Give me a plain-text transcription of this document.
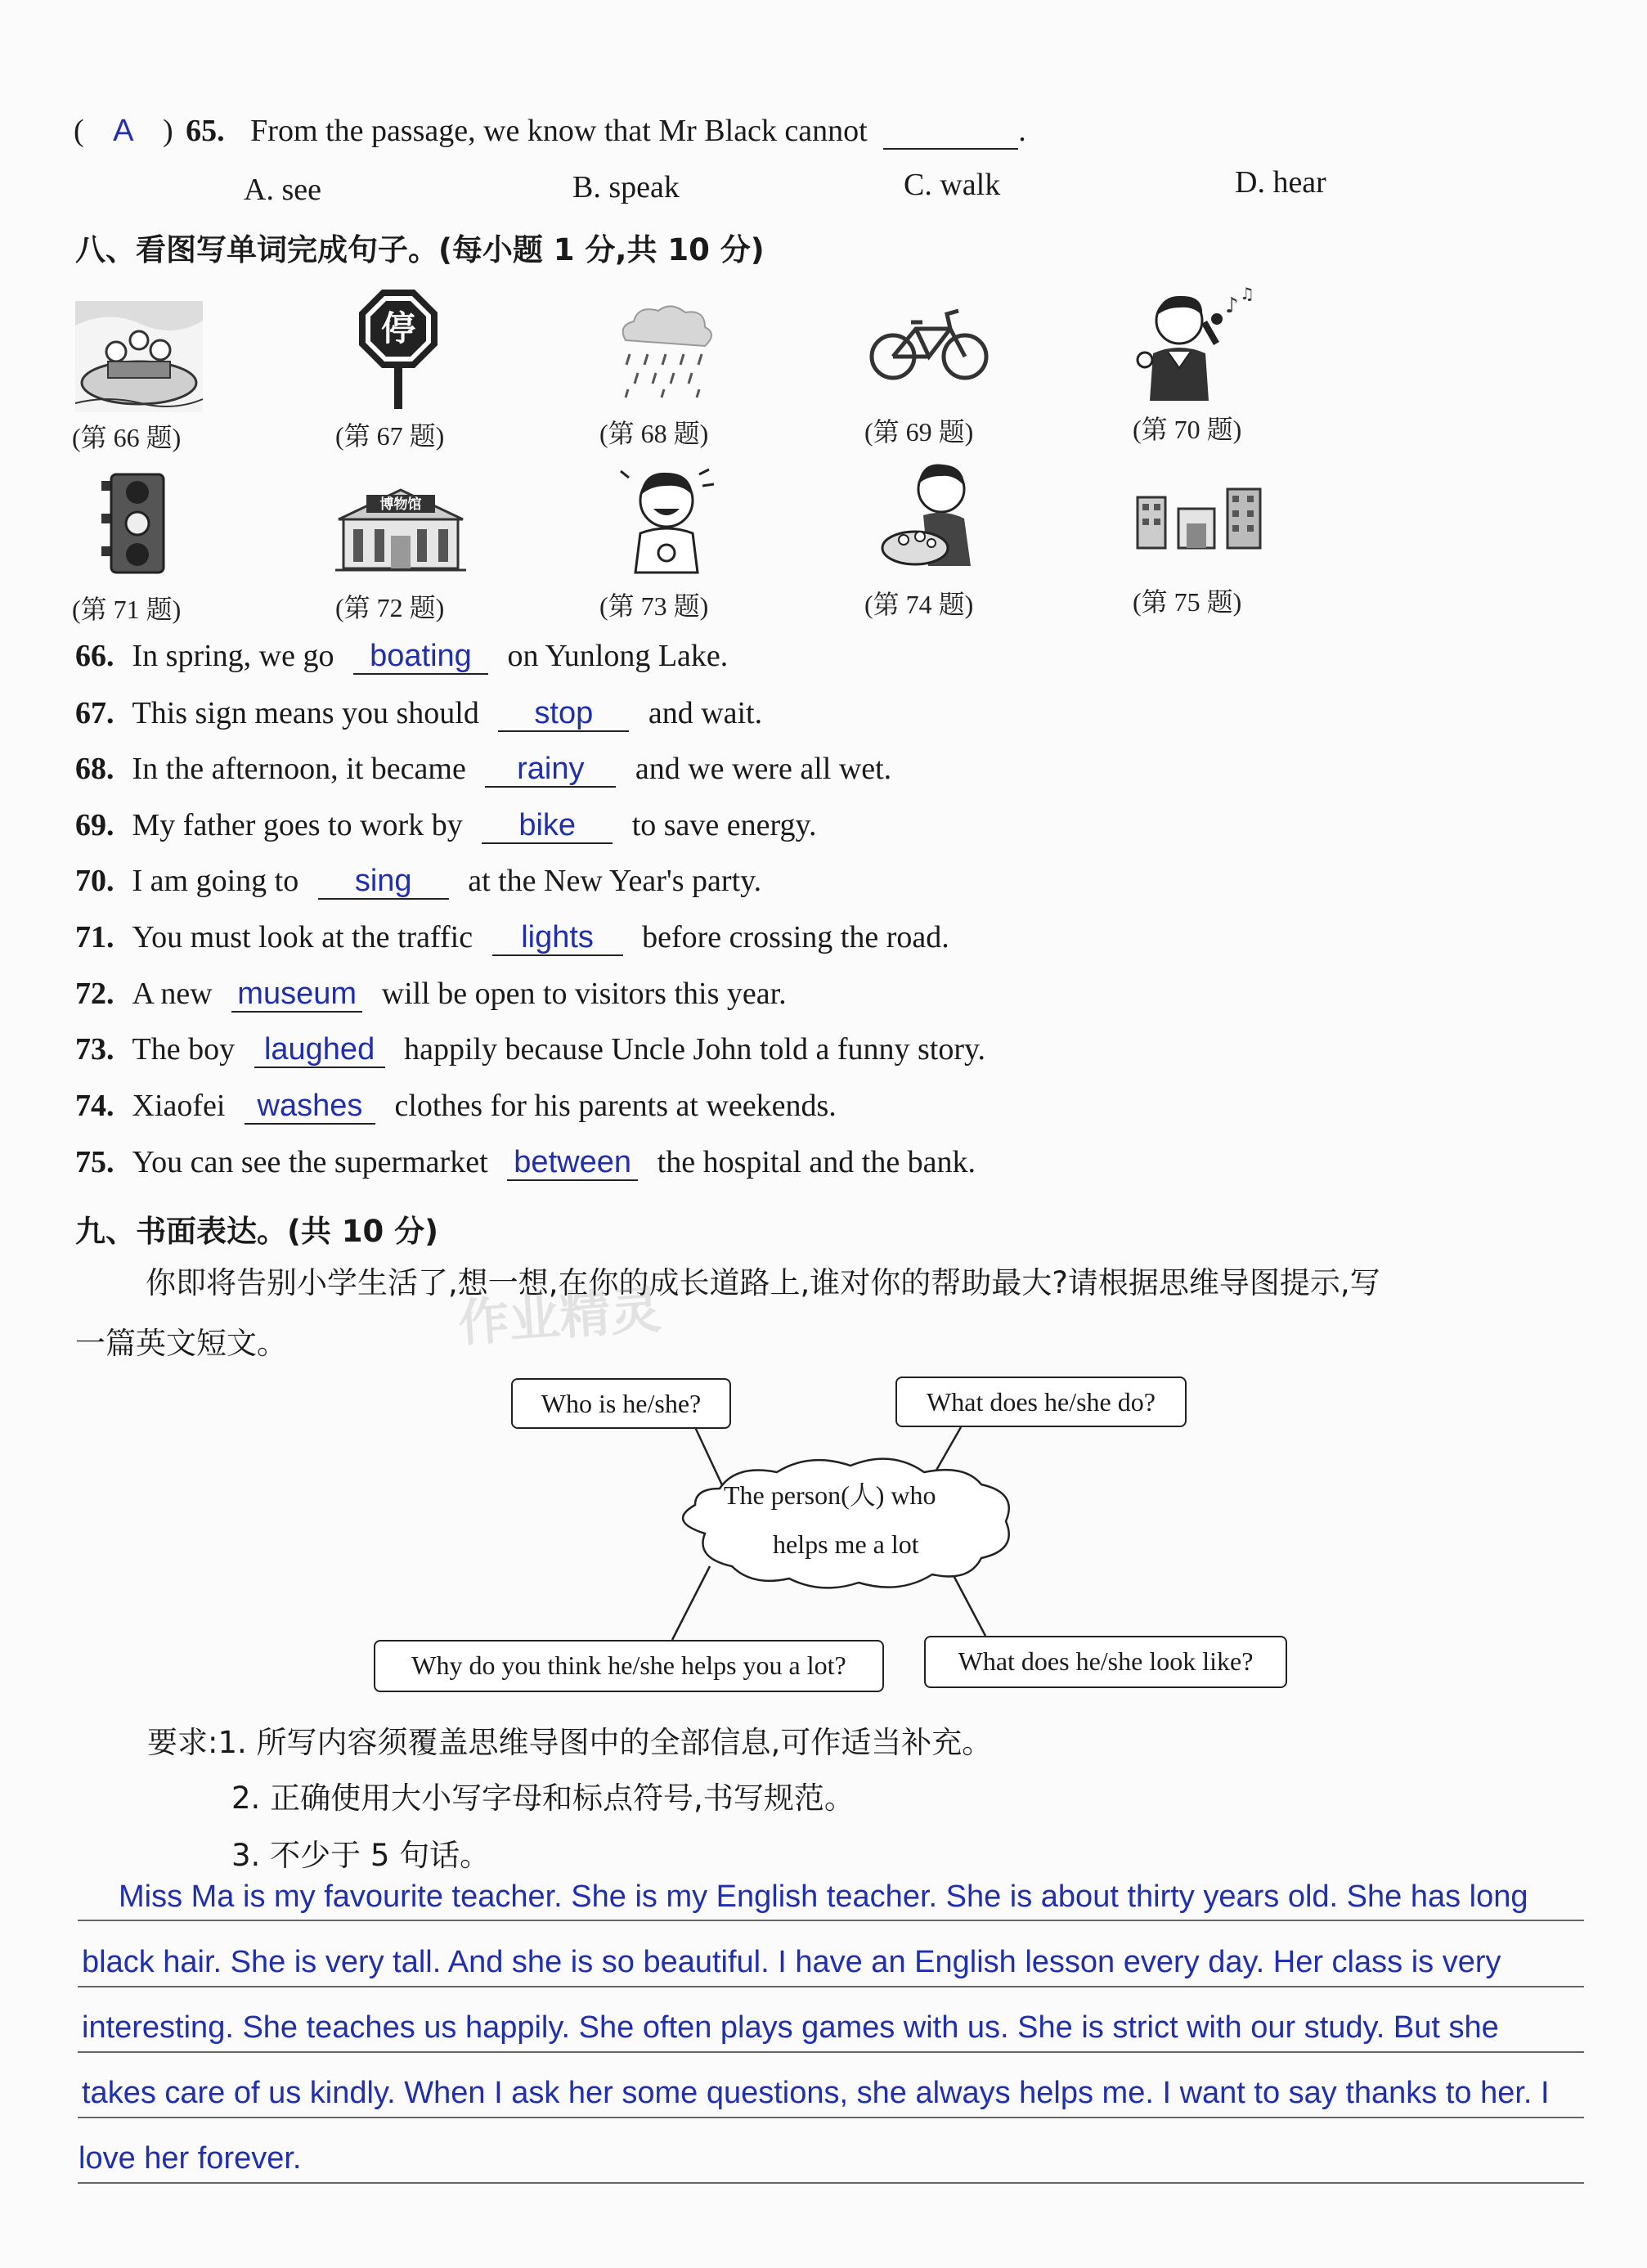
( A ) 65. From the passage, we know that Mr Black cannot	.
A. see	B. speak	C. walk	D. hear
八、看图写单词完成句子。(每小题 1 分,共 10 分)
停
♪ ♫
(第 66 题)	(第 67 题)	(第 68 题)	(第 69 题)	(第 70 题)
博物馆
(第 71 题)	(第 72 题)	(第 73 题)	(第 74 题)	(第 75 题)
66. In spring, we go boating on Yunlong Lake.
67. This sign means you should stop and wait.
68. In the afternoon, it became rainy and we were all wet.
69. My father goes to work by bike to save energy.
70. I am going to sing at the New Year's party.
71. You must look at the traffic lights before crossing the road.
72. A new museum will be open to visitors this year.
73. The boy laughed happily because Uncle John told a funny story.
74. Xiaofei washes clothes for his parents at weekends.
75. You can see the supermarket between the hospital and the bank.
九、书面表达。(共 10 分)
你即将告别小学生活了,想一想,在你的成长道路上,谁对你的帮助最大?请根据思维导图提示,写
一篇英文短文。	作业精灵
The person(人) who
helps me a lot
Who is he/she?	What does he/she do?
Why do you think he/she helps you a lot?	What does he/she look like?
要求:1. 所写内容须覆盖思维导图中的全部信息,可作适当补充。
2. 正确使用大小写字母和标点符号,书写规范。
3. 不少于 5 句话。
Miss Ma is my favourite teacher. She is my English teacher. She is about thirty years old. She has long
black hair. She is very tall. And she is so beautiful. I have an English lesson every day. Her class is very
interesting. She teaches us happily. She often plays games with us. She is strict with our study. But she
takes care of us kindly. When I ask her some questions, she always helps me. I want to say thanks to her. I
love her forever.
